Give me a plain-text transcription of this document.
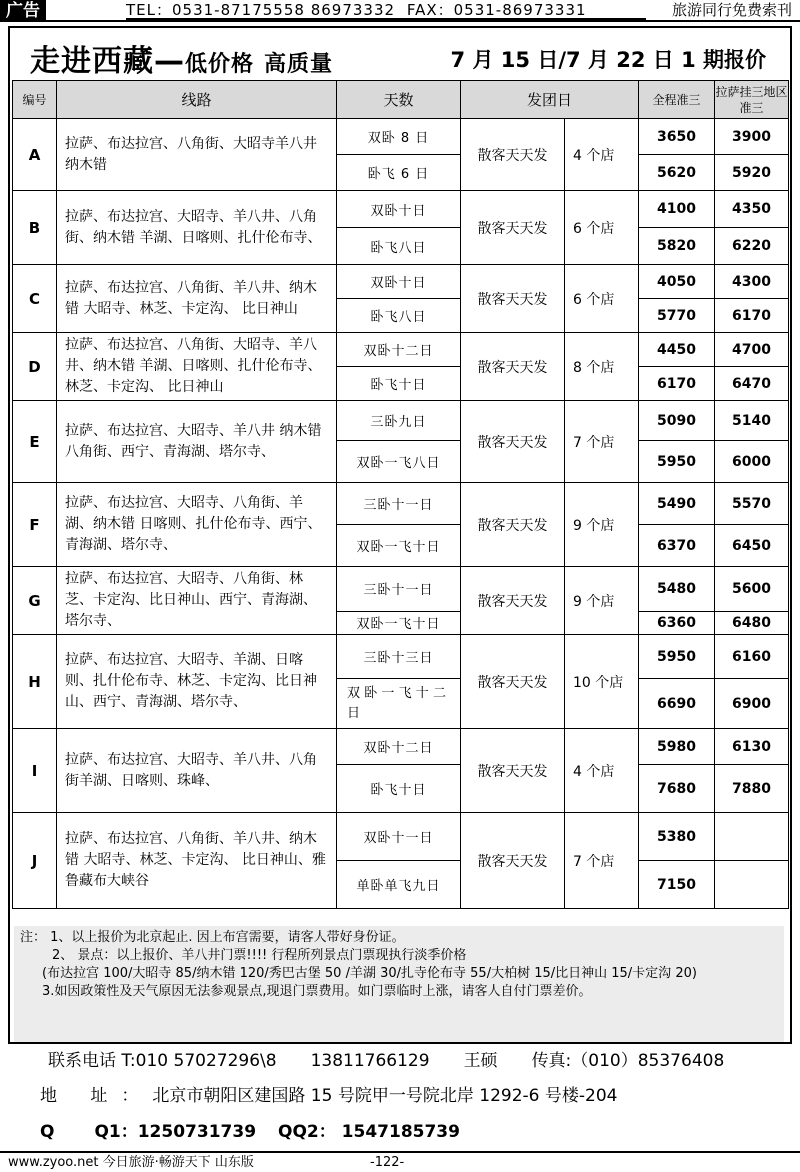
广告	TEL：0531-87175558 86973332 FAX：0531-86973331	旅游同行免费索刊
走进西藏—低价格 高质量	7 月 15 日/7 月 22 日 1 期报价
编号	线路	天数	发团日		全程准三	拉萨挂三地区准三
A	拉萨、布达拉宫、八角街、大昭寺羊八井 纳木错	双卧 8 日	散客天天发	4 个店	3650	3900
		卧飞 6 日			5620	5920
B	拉萨、布达拉宫、大昭寺、羊八井、八角街、纳木错 羊湖、日喀则、扎什伦布寺、	双卧十日	散客天天发	6 个店	4100	4350
		卧飞八日			5820	6220
C	拉萨、布达拉宫、八角街、羊八井、纳木错 大昭寺、林芝、卡定沟、 比日神山	双卧十日	散客天天发	6 个店	4050	4300
		卧飞八日			5770	6170
D	拉萨、布达拉宫、八角街、大昭寺、羊八井、纳木错 羊湖、日喀则、扎什伦布寺、林芝、卡定沟、 比日神山	双卧十二日	散客天天发	8 个店	4450	4700
		卧飞十日			6170	6470
E	拉萨、布达拉宫、大昭寺、羊八井 纳木错 八角街、西宁、青海湖、塔尔寺、	三卧九日	散客天天发	7 个店	5090	5140
		双卧一飞八日			5950	6000
F	拉萨、布达拉宫、大昭寺、八角街、羊湖、纳木错 日喀则、扎什伦布寺、西宁、青海湖、塔尔寺、	三卧十一日	散客天天发	9 个店	5490	5570
		双卧一飞十日			6370	6450
G	拉萨、布达拉宫、大昭寺、八角街、林芝、卡定沟、比日神山、西宁、青海湖、塔尔寺、	三卧十一日	散客天天发	9 个店	5480	5600
		双卧一飞十日			6360	6480
H	拉萨、布达拉宫、大昭寺、羊湖、日喀则、扎什伦布寺、林芝、卡定沟、比日神山、西宁、青海湖、塔尔寺、	三卧十三日	散客天天发	10 个店	5950	6160
		双卧一飞十二日			6690	6900
I	拉萨、布达拉宫、大昭寺、羊八井、八角街羊湖、日喀则、珠峰、	双卧十二日	散客天天发	4 个店	5980	6130
		卧飞十日			7680	7880
J	拉萨、布达拉宫、八角街、羊八井、纳木错 大昭寺、林芝、卡定沟、 比日神山、雅鲁藏布大峡谷	双卧十一日	散客天天发	7 个店	5380	
		单卧单飞九日			7150	

注： 1、以上报价为北京起止. 因上布宫需要，请客人带好身份证。

2、 景点：以上报价、羊八井门票!!!! 行程所列景点门票现执行淡季价格

(布达拉宫 100/大昭寺 85/纳木错 120/秀巴古堡 50 /羊湖 30/扎寺伦布寺 55/大柏树 15/比日神山 15/卡定沟 20)

3.如因政策性及天气原因无法参观景点,现退门票费用。如门票临时上涨，请客人自付门票差价。

联系电话 T:010 57027296\8 13811766129 王硕 传真:（010）85376408
地 址：北京市朝阳区建国路 15 号院甲一号院北岸 1292-6 号楼-204
Q Q1：1250731739 QQ2： 1547185739
www.zyoo.net 今日旅游·畅游天下 山东版	-122-
